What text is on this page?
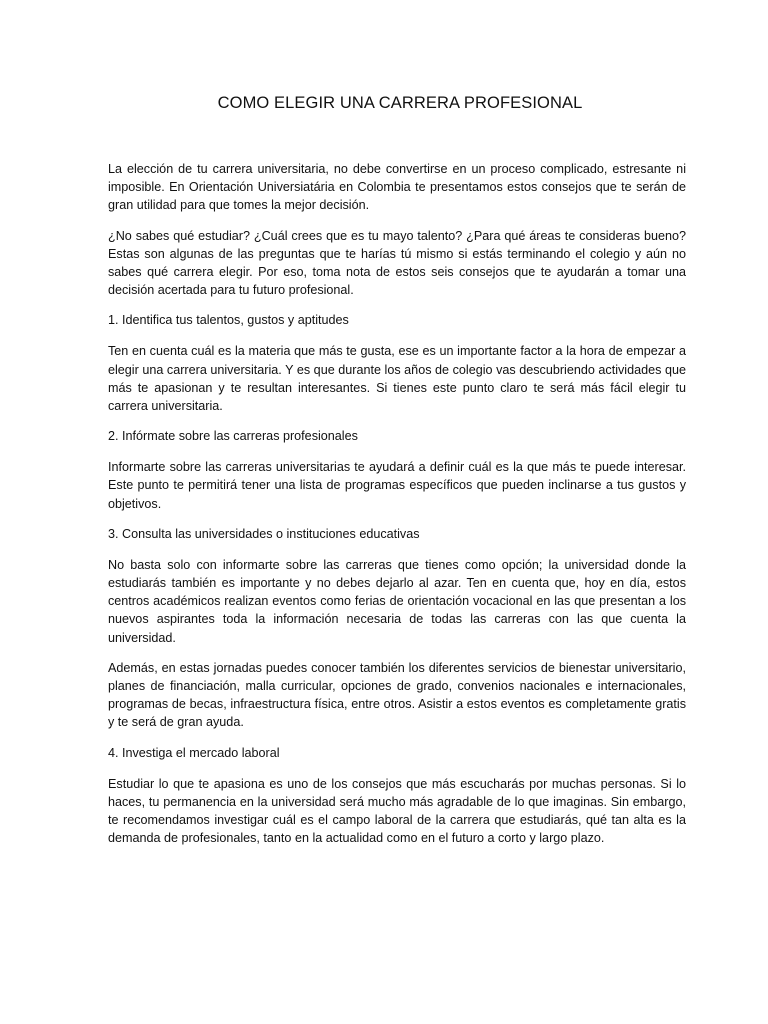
COMO ELEGIR UNA CARRERA PROFESIONAL

La elección de tu carrera universitaria, no debe convertirse en un proceso complicado, estresante ni imposible. En Orientación Universiatária en Colombia te presentamos estos consejos que te serán de gran utilidad para que tomes la mejor decisión.

¿No sabes qué estudiar? ¿Cuál crees que es tu mayo talento? ¿Para qué áreas te consideras bueno? Estas son algunas de las preguntas que te harías tú mismo si estás terminando el colegio y aún no sabes qué carrera elegir. Por eso, toma nota de estos seis consejos que te ayudarán a tomar una decisión acertada para tu futuro profesional.

1. Identifica tus talentos, gustos y aptitudes

Ten en cuenta cuál es la materia que más te gusta, ese es un importante factor a la hora de empezar a elegir una carrera universitaria. Y es que durante los años de colegio vas descubriendo actividades que más te apasionan y te resultan interesantes. Si tienes este punto claro te será más fácil elegir tu carrera universitaria.

2. Infórmate sobre las carreras profesionales

Informarte sobre las carreras universitarias te ayudará a definir cuál es la que más te puede interesar. Este punto te permitirá tener una lista de programas específicos que pueden inclinarse a tus gustos y objetivos.

3. Consulta las universidades o instituciones educativas

No basta solo con informarte sobre las carreras que tienes como opción; la universidad donde la estudiarás también es importante y no debes dejarlo al azar. Ten en cuenta que, hoy en día, estos centros académicos realizan eventos como ferias de orientación vocacional en las que presentan a los nuevos aspirantes toda la información necesaria de todas las carreras con las que cuenta la universidad.

Además, en estas jornadas puedes conocer también los diferentes servicios de bienestar universitario, planes de financiación, malla curricular, opciones de grado, convenios nacionales e internacionales, programas de becas, infraestructura física, entre otros. Asistir a estos eventos es completamente gratis y te será de gran ayuda.

4. Investiga el mercado laboral

Estudiar lo que te apasiona es uno de los consejos que más escucharás por muchas personas. Si lo haces, tu permanencia en la universidad será mucho más agradable de lo que imaginas. Sin embargo, te recomendamos investigar cuál es el campo laboral de la carrera que estudiarás, qué tan alta es la demanda de profesionales, tanto en la actualidad como en el futuro a corto y largo plazo.
